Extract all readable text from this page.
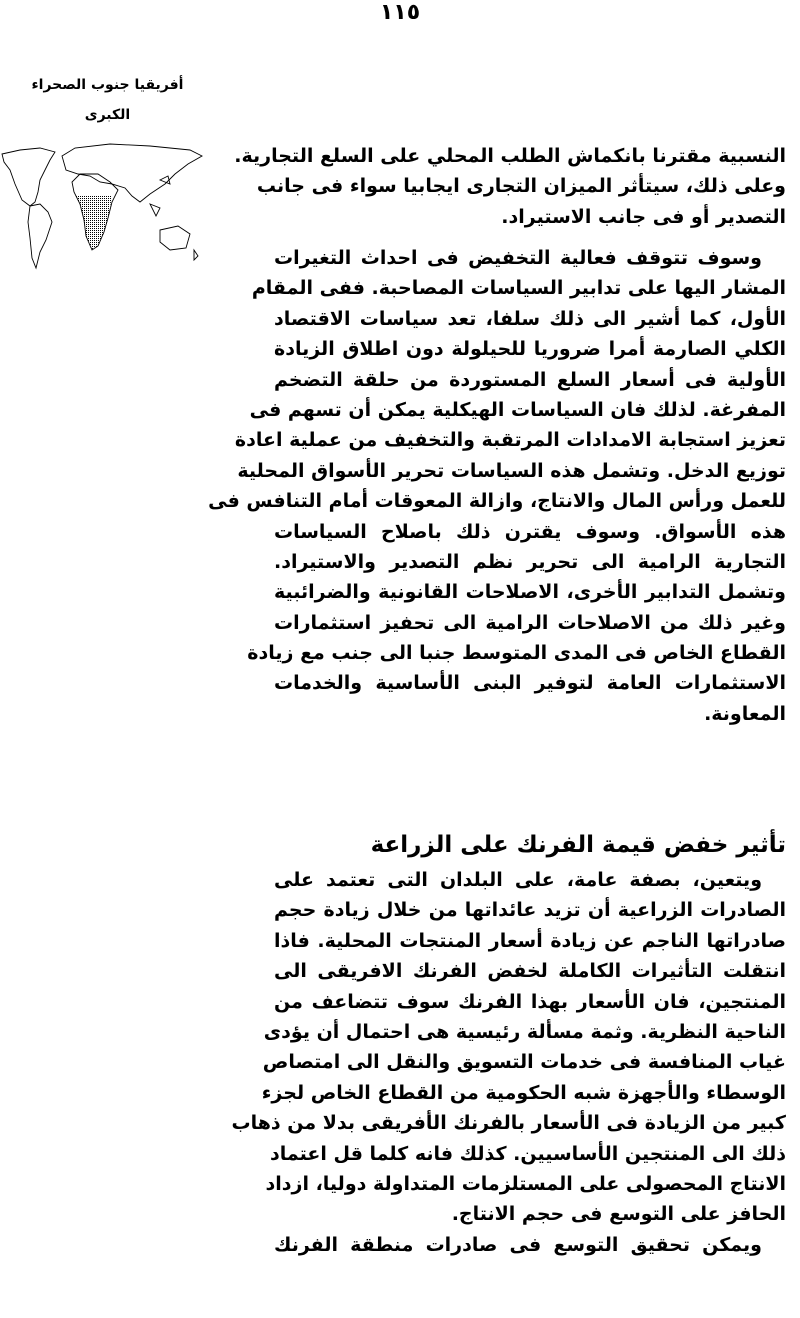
١١٥
أفريقيا جنوب الصحراء
الكبرى
النسبية مقترنا بانكماش الطلب المحلي على السلع التجارية.
وعلى ذلك، سيتأثر الميزان التجارى ايجابيا سواء فى جانب
التصدير أو فى جانب الاستيراد.
وسوف تتوقف فعالية التخفيض فى احداث التغيرات
المشار اليها على تدابير السياسات المصاحبة. ففى المقام
الأول، كما أشير الى ذلك سلفا، تعد سياسات الاقتصاد
الكلي الصارمة أمرا ضروريا للحيلولة دون اطلاق الزيادة
الأولية فى أسعار السلع المستوردة من حلقة التضخم
المفرغة. لذلك فان السياسات الهيكلية يمكن أن تسهم فى
تعزيز استجابة الامدادات المرتقبة والتخفيف من عملية اعادة
توزيع الدخل. وتشمل هذه السياسات تحرير الأسواق المحلية
للعمل ورأس المال والانتاج، وازالة المعوقات أمام التنافس فى
هذه الأسواق. وسوف يقترن ذلك باصلاح السياسات
التجارية الرامية الى تحرير نظم التصدير والاستيراد.
وتشمل التدابير الأخرى، الاصلاحات القانونية والضرائبية
وغير ذلك من الاصلاحات الرامية الى تحفيز استثمارات
القطاع الخاص فى المدى المتوسط جنبا الى جنب مع زيادة
الاستثمارات العامة لتوفير البنى الأساسية والخدمات
المعاونة.
تأثير خفض قيمة الفرنك على الزراعة
ويتعين، بصفة عامة، على البلدان التى تعتمد على
الصادرات الزراعية أن تزيد عائداتها من خلال زيادة حجم
صادراتها الناجم عن زيادة أسعار المنتجات المحلية. فاذا
انتقلت التأثيرات الكاملة لخفض الفرنك الافريقى الى
المنتجين، فان الأسعار بهذا الفرنك سوف تتضاعف من
الناحية النظرية. وثمة مسألة رئيسية هى احتمال أن يؤدى
غياب المنافسة فى خدمات التسويق والنقل الى امتصاص
الوسطاء والأجهزة شبه الحكومية من القطاع الخاص لجزء
كبير من الزيادة فى الأسعار بالفرنك الأفريقى بدلا من ذهاب
ذلك الى المنتجين الأساسيين. كذلك فانه كلما قل اعتماد
الانتاج المحصولى على المستلزمات المتداولة دوليا، ازداد
الحافز على التوسع فى حجم الانتاج.
ويمكن تحقيق التوسع فى صادرات منطقة الفرنك
